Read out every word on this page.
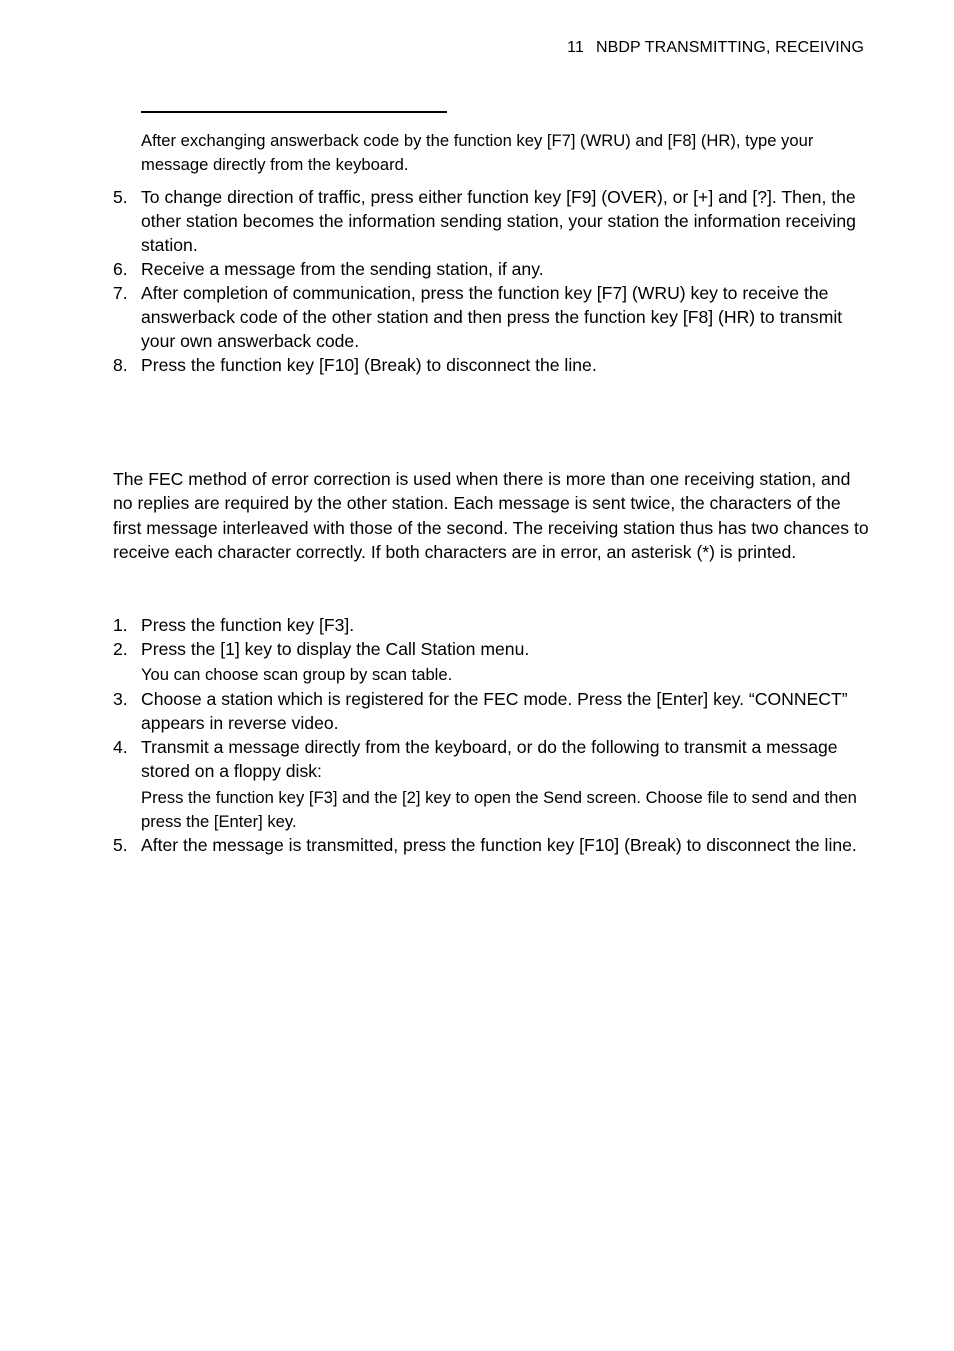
11 NBDP TRANSMITTING, RECEIVING
After exchanging answerback code by the function key [F7] (WRU) and [F8] (HR), type your message directly from the keyboard.
5. To change direction of traffic, press either function key [F9] (OVER), or [+] and [?]. Then, the other station becomes the information sending station, your station the information receiving station.
6. Receive a message from the sending station, if any.
7. After completion of communication, press the function key [F7] (WRU) key to receive the answerback code of the other station and then press the function key [F8] (HR) to transmit your own answerback code.
8. Press the function key [F10] (Break) to disconnect the line.
The FEC method of error correction is used when there is more than one receiving station, and no replies are required by the other station. Each message is sent twice, the characters of the first message interleaved with those of the second. The receiving station thus has two chances to receive each character correctly. If both characters are in error, an asterisk (*) is printed.
1. Press the function key [F3].
2. Press the [1] key to display the Call Station menu.
You can choose scan group by scan table.
3. Choose a station which is registered for the FEC mode. Press the [Enter] key. “CONNECT” appears in reverse video.
4. Transmit a message directly from the keyboard, or do the following to transmit a message stored on a floppy disk:
Press the function key [F3] and the [2] key to open the Send screen. Choose file to send and then press the [Enter] key.
5. After the message is transmitted, press the function key [F10] (Break) to disconnect the line.
